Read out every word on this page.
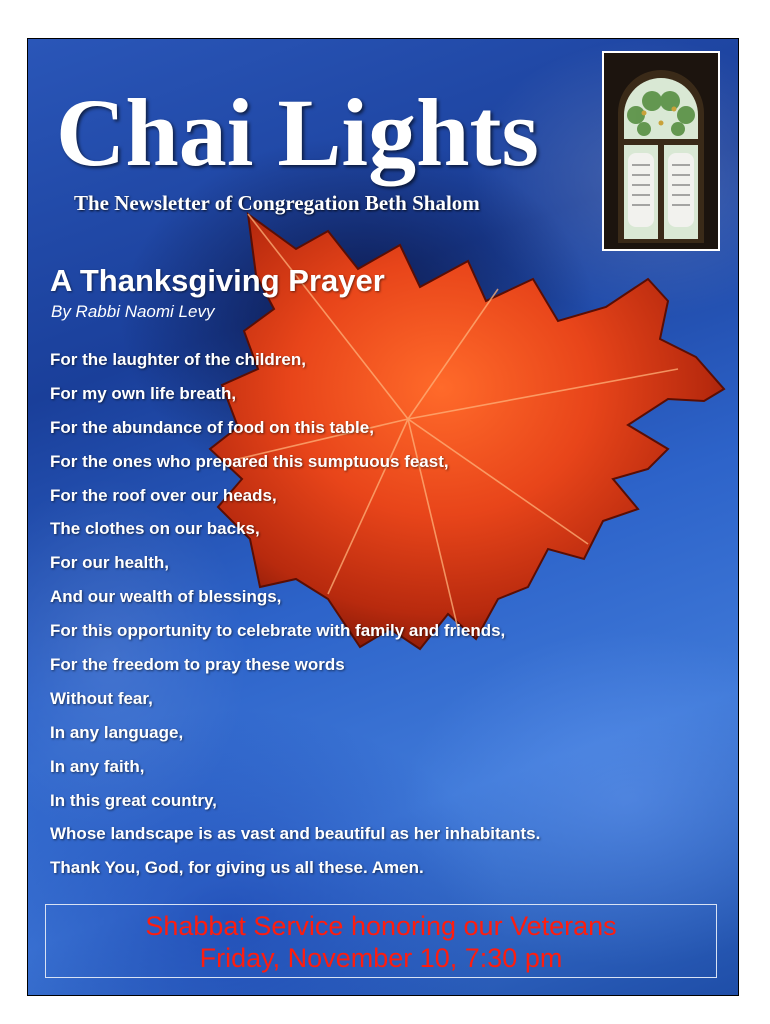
Chai Lights
The Newsletter of Congregation Beth Shalom
A Thanksgiving Prayer
By Rabbi Naomi Levy
For the laughter of the children,
For my own life breath,
For the abundance of food on this table,
For the ones who prepared this sumptuous feast,
For the roof over our heads,
The clothes on our backs,
For our health,
And our wealth of blessings,
For this opportunity to celebrate with family and friends,
For the freedom to pray these words
Without fear,
In any language,
In any faith,
In this great country,
Whose landscape is as vast and beautiful as her inhabitants.
Thank You, God, for giving us all these. Amen.
Shabbat Service honoring our Veterans
Friday, November 10, 7:30 pm
